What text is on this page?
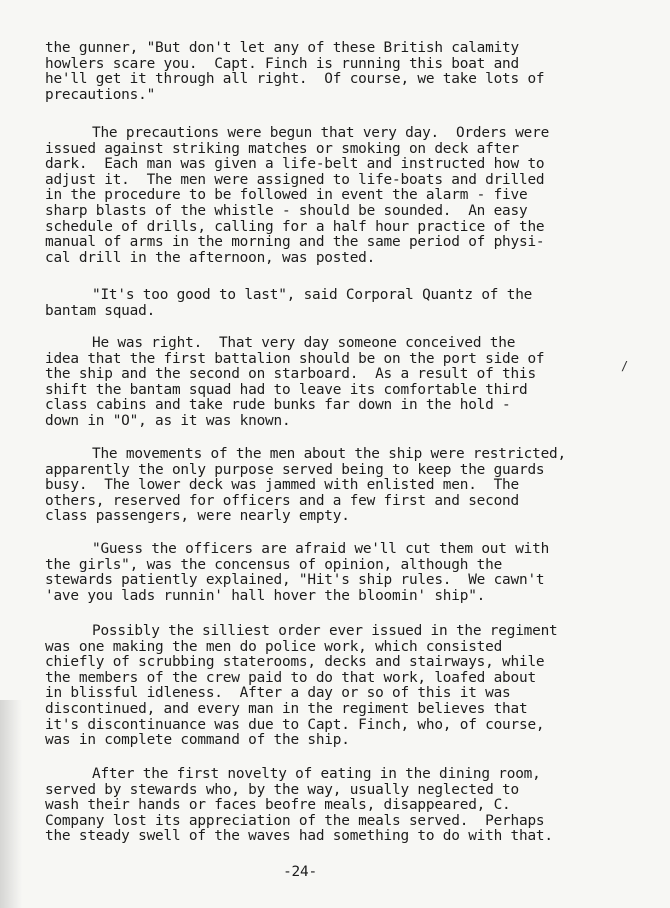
the gunner, "But don't let any of these British calamity
howlers scare you.  Capt. Finch is running this boat and
he'll get it through all right.  Of course, we take lots of
precautions."
The precautions were begun that very day.  Orders were
issued against striking matches or smoking on deck after
dark.  Each man was given a life-belt and instructed how to
adjust it.  The men were assigned to life-boats and drilled
in the procedure to be followed in event the alarm - five
sharp blasts of the whistle - should be sounded.  An easy
schedule of drills, calling for a half hour practice of the
manual of arms in the morning and the same period of physi-
cal drill in the afternoon, was posted.
"It's too good to last", said Corporal Quantz of the
bantam squad.
He was right.  That very day someone conceived the
idea that the first battalion should be on the port side of
the ship and the second on starboard.  As a result of this
shift the bantam squad had to leave its comfortable third
class cabins and take rude bunks far down in the hold -
down in "O", as it was known.
The movements of the men about the ship were restricted,
apparently the only purpose served being to keep the guards
busy.  The lower deck was jammed with enlisted men.  The
others, reserved for officers and a few first and second
class passengers, were nearly empty.
"Guess the officers are afraid we'll cut them out with
the girls", was the concensus of opinion, although the
stewards patiently explained, "Hit's ship rules.  We cawn't
'ave you lads runnin' hall hover the bloomin' ship".
Possibly the silliest order ever issued in the regiment
was one making the men do police work, which consisted
chiefly of scrubbing staterooms, decks and stairways, while
the members of the crew paid to do that work, loafed about
in blissful idleness.  After a day or so of this it was
discontinued, and every man in the regiment believes that
it's discontinuance was due to Capt. Finch, who, of course,
was in complete command of the ship.
After the first novelty of eating in the dining room,
served by stewards who, by the way, usually neglected to
wash their hands or faces beofre meals, disappeared, C.
Company lost its appreciation of the meals served.  Perhaps
the steady swell of the waves had something to do with that.
/
-24-
